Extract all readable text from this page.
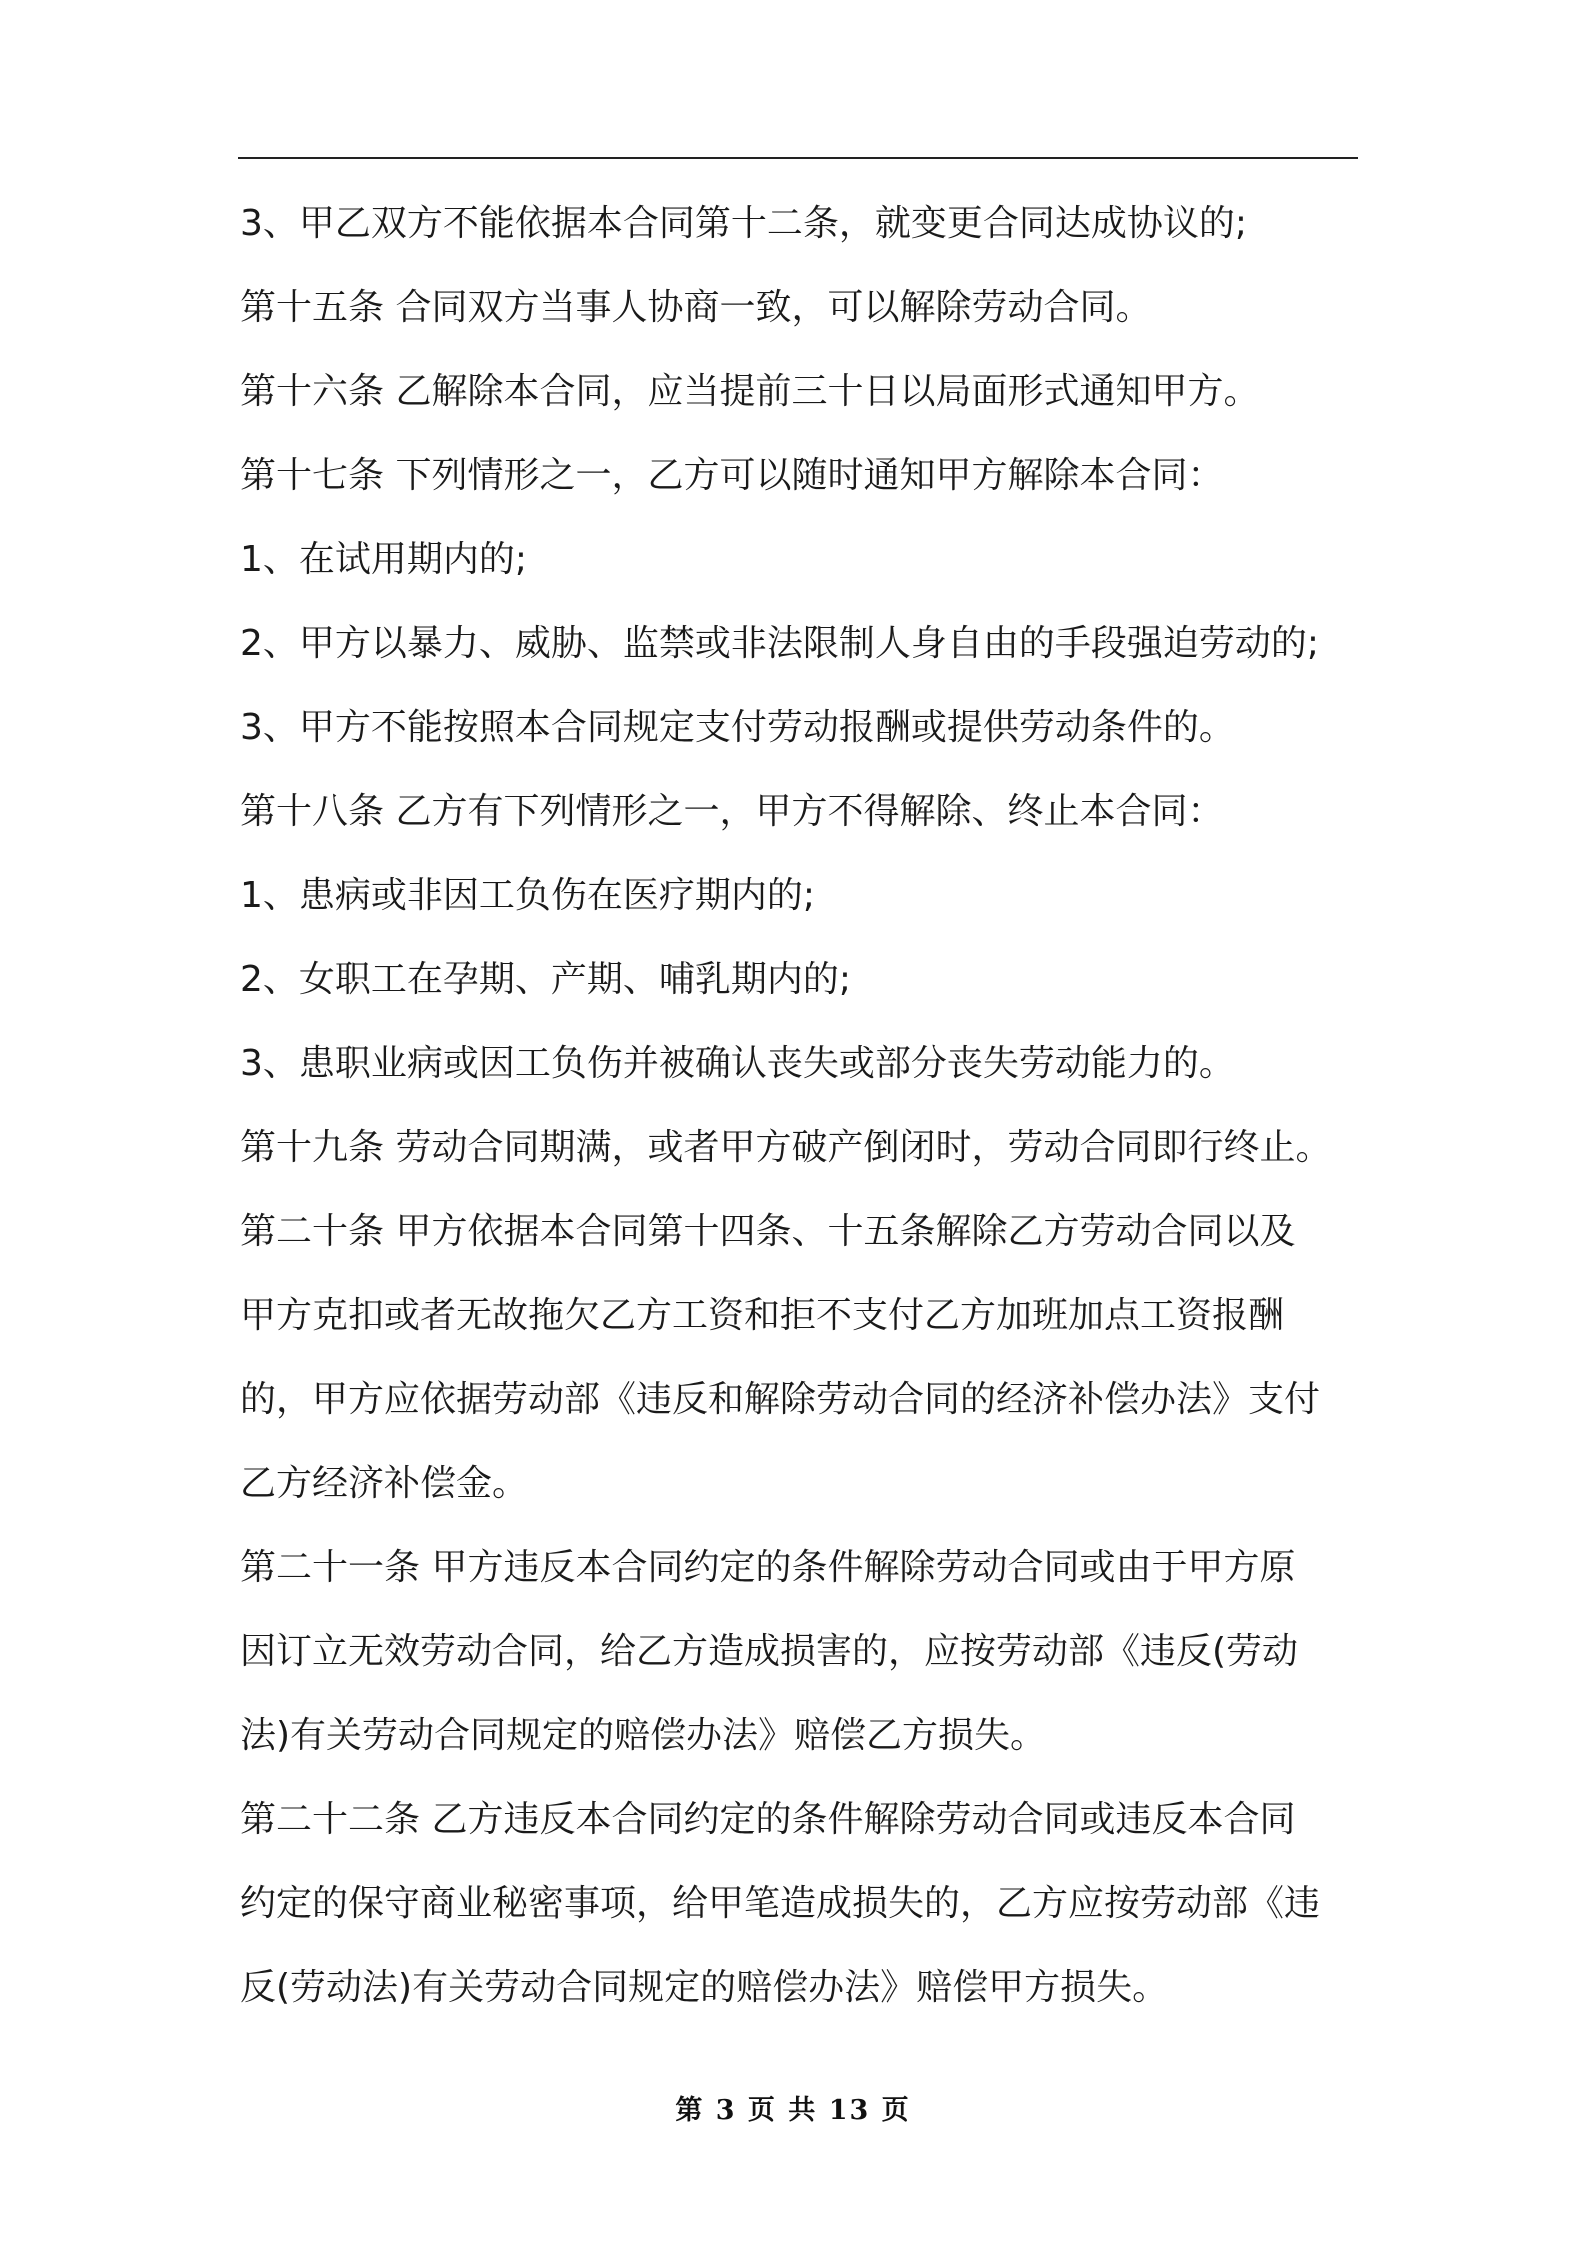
3、甲乙双方不能依据本合同第十二条，就变更合同达成协议的;

第十五条 合同双方当事人协商一致，可以解除劳动合同。

第十六条 乙解除本合同，应当提前三十日以局面形式通知甲方。

第十七条 下列情形之一，乙方可以随时通知甲方解除本合同：

1、在试用期内的;

2、甲方以暴力、威胁、监禁或非法限制人身自由的手段强迫劳动的;

3、甲方不能按照本合同规定支付劳动报酬或提供劳动条件的。

第十八条 乙方有下列情形之一，甲方不得解除、终止本合同：

1、患病或非因工负伤在医疗期内的;

2、女职工在孕期、产期、哺乳期内的;

3、患职业病或因工负伤并被确认丧失或部分丧失劳动能力的。

第十九条 劳动合同期满，或者甲方破产倒闭时，劳动合同即行终止。

第二十条 甲方依据本合同第十四条、十五条解除乙方劳动合同以及

甲方克扣或者无故拖欠乙方工资和拒不支付乙方加班加点工资报酬

的，甲方应依据劳动部《违反和解除劳动合同的经济补偿办法》支付

乙方经济补偿金。

第二十一条 甲方违反本合同约定的条件解除劳动合同或由于甲方原

因订立无效劳动合同，给乙方造成损害的，应按劳动部《违反(劳动

法)有关劳动合同规定的赔偿办法》赔偿乙方损失。

第二十二条 乙方违反本合同约定的条件解除劳动合同或违反本合同

约定的保守商业秘密事项，给甲笔造成损失的，乙方应按劳动部《违

反(劳动法)有关劳动合同规定的赔偿办法》赔偿甲方损失。

第 3 页 共 13 页
